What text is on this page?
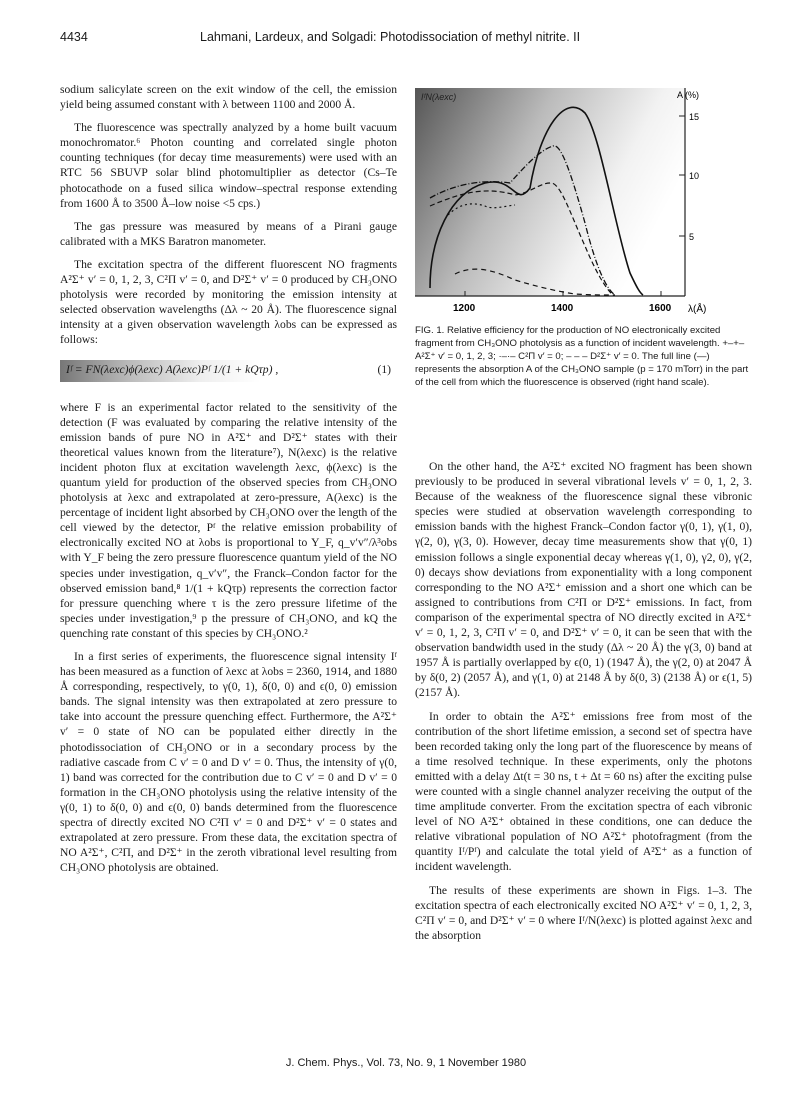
4434	Lahmani, Lardeux, and Solgadi: Photodissociation of methyl nitrite. II

sodium salicylate screen on the exit window of the cell, the emission yield being assumed constant with λ between 1100 and 2000 Å.

The fluorescence was spectrally analyzed by a home built vacuum monochromator.⁶ Photon counting and correlated single photon counting techniques (for decay time measurements) were used with an RTC 56 SBUVP solar blind photomultiplier as detector (Cs–Te photocathode on a fused silica window–spectral response extending from 1600 Å to 3500 Å–low noise <5 cps.)

The gas pressure was measured by means of a Pirani gauge calibrated with a MKS Baratron manometer.

The excitation spectra of the different fluorescent NO fragments A²Σ⁺ v′ = 0, 1, 2, 3, C²Π v′ = 0, and D²Σ⁺ v′ = 0 produced by CH₃ONO photolysis were recorded by monitoring the emission intensity at selected observation wavelengths (Δλ ~ 20 Å). The fluorescence signal intensity at a given observation wavelength λobs can be expressed as follows:

Iᶠ = FN(λexc)ϕ(λexc) A(λexc)Pᶠ 1/(1 + kQτp) ,	(1)

where F is an experimental factor related to the sensitivity of the detection (F was evaluated by comparing the relative intensity of the emission bands of pure NO in A²Σ⁺ and D²Σ⁺ states with their theoretical values known from the literature⁷), N(λexc) is the relative incident photon flux at excitation wavelength λexc, ϕ(λexc) is the quantum yield for production of the observed species from CH₃ONO photolysis at λexc and extrapolated at zero-pressure, A(λexc) is the percentage of incident light absorbed by CH₃ONO over the length of the cell viewed by the detector, Pᶠ the relative emission probability of electronically excited NO at λobs is proportional to Y_F, q_v′v″/λ³obs with Y_F being the zero pressure fluorescence quantum yield of the NO species under investigation, q_v′v″, the Franck–Condon factor for the observed emission band,⁸ 1/(1 + kQτp) represents the correction factor for pressure quenching where τ is the zero pressure lifetime of the species under investigation,⁹ p the pressure of CH₃ONO, and kQ the quenching rate constant of this species by CH₃ONO.²

In a first series of experiments, the fluorescence signal intensity Iᶠ has been measured as a function of λexc at λobs = 2360, 1914, and 1880 Å corresponding, respectively, to γ(0, 1), δ(0, 0) and ϵ(0, 0) emission bands. The signal intensity was then extrapolated at zero pressure to take into account the pressure quenching effect. Furthermore, the A²Σ⁺ v′ = 0 state of NO can be populated either directly in the photodissociation of CH₃ONO or in a secondary process by the radiative cascade from C v′ = 0 and D v′ = 0. Thus, the intensity of γ(0, 1) band was corrected for the contribution due to C v′ = 0 and D v′ = 0 formation in the CH₃ONO photolysis using the relative intensity of the γ(0, 1) to δ(0, 0) and ϵ(0, 0) bands determined from the fluorescence spectra of directly excited NO C²Π v′ = 0 and D²Σ⁺ v′ = 0 states and extrapolated at zero pressure. From these data, the excitation spectra of NO A²Σ⁺, C²Π, and D²Σ⁺ in the zeroth vibrational level resulting from CH₃ONO photolysis are obtained.

15
10
5
A (%)
IᶠN(λexc)
1200	1400	1600 λ(Å)
FIG. 1. Relative efficiency for the production of NO electronically excited fragment from CH₃ONO photolysis as a function of incident wavelength. +–+– A²Σ⁺ v′ = 0, 1, 2, 3; ·–·– C²Π v′ = 0; – – – D²Σ⁺ v′ = 0. The full line (—) represents the absorption A of the CH₃ONO sample (p = 170 mTorr) in the part of the cell from which the fluorescence is observed (right hand scale).

On the other hand, the A²Σ⁺ excited NO fragment has been shown previously to be produced in several vibrational levels v′ = 0, 1, 2, 3. Because of the weakness of the fluorescence signal these vibronic species were studied at observation wavelength corresponding to emission bands with the highest Franck–Condon factor γ(0, 1), γ(1, 0), γ(2, 0), γ(3, 0). However, decay time measurements show that γ(0, 1) emission follows a single exponential decay whereas γ(1, 0), γ2, 0), γ(2, 0) decays show deviations from exponentiality with a long component corresponding to the NO A²Σ⁺ emission and a short one which can be assigned to contributions from C²Π or D²Σ⁺ emissions. In fact, from comparison of the experimental spectra of NO directly excited in A²Σ⁺ v′ = 0, 1, 2, 3, C²Π v′ = 0, and D²Σ⁺ v′ = 0, it can be seen that with the observation bandwidth used in the study (Δλ ~ 20 Å) the γ(3, 0) band at 1957 Å is partially overlapped by ϵ(0, 1) (1947 Å), the γ(2, 0) at 2047 Å by δ(0, 2) (2057 Å), and γ(1, 0) at 2148 Å by δ(0, 3) (2138 Å) or ϵ(1, 5) (2157 Å).

In order to obtain the A²Σ⁺ emissions free from most of the contribution of the short lifetime emission, a second set of spectra have been recorded taking only the long part of the fluorescence by means of a time resolved technique. In these experiments, only the photons emitted with a delay Δt(t = 30 ns, t + Δt = 60 ns) after the exciting pulse were counted with a single channel analyzer receiving the output of the time amplitude converter. From the excitation spectra of each vibronic level of NO A²Σ⁺ obtained in these conditions, one can deduce the relative vibrational population of NO A²Σ⁺ photofragment (from the quantity Iᶠ/Pᶠ) and calculate the total yield of A²Σ⁺ as a function of incident wavelength.

The results of these experiments are shown in Figs. 1–3. The excitation spectra of each electronically excited NO A²Σ⁺ v′ = 0, 1, 2, 3, C²Π v′ = 0, and D²Σ⁺ v′ = 0 where Iᶠ/N(λexc) is plotted against λexc and the absorption

J. Chem. Phys., Vol. 73, No. 9, 1 November 1980
